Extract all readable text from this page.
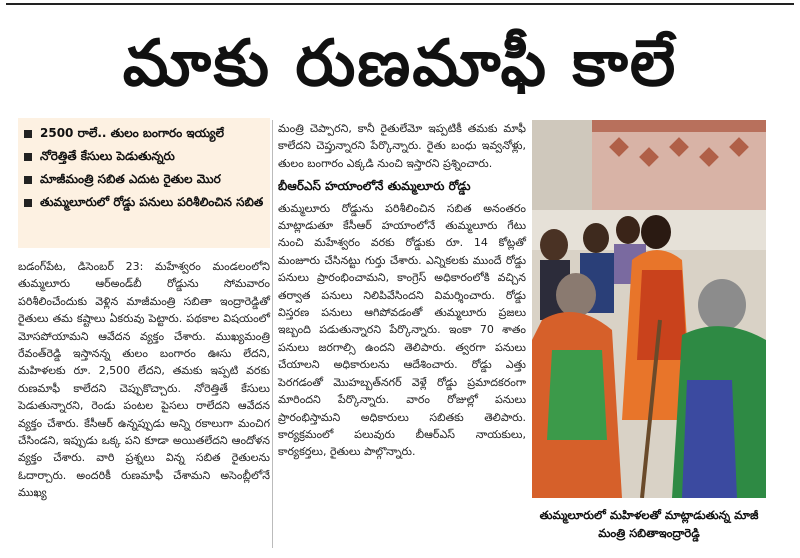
మాకు రుణమాఫీ కాలే
2500 రాలే.. తులం బంగారం ఇయ్యలే
నోరెత్తితే కేసులు పెడుతున్నరు
మాజీమంత్రి సబిత ఎదుట రైతుల మొర
తుమ్మలూరులో రోడ్డు పనులు పరిశీలించిన సబిత

బడంగ్‌పేట, డిసెంబర్ 23: మహేశ్వరం మండలంలోని తుమ్మలూరు ఆర్‌అండ్‌బీ రోడ్డును సోమవారం పరిశీలించేందుకు వెళ్లిన మాజీమంత్రి సబితా ఇంద్రారెడ్డితో రైతులు తమ కష్టాలు ఏకరువు పెట్టారు. పథకాల విషయంలో మోసపోయామని ఆవేదన వ్యక్తం చేశారు. ముఖ్యమంత్రి రేవంత్‌రెడ్డి ఇస్తానన్న తులం బంగారం ఊసు లేదని, మహిళలకు రూ. 2,500 లేదని, తమకు ఇప్పటి వరకు రుణమాఫీ కాలేదని చెప్పుకొచ్చారు. నోరెత్తితే కేసులు పెడుతున్నారని, రెండు పంటల పైసలు రాలేదని ఆవేదన వ్యక్తం చేశారు. కేసీఆర్ ఉన్నప్పుడు అన్ని రకాలుగా మంచిగ చేసిండని, ఇప్పుడు ఒక్క పని కూడా అయితలేదని ఆందోళన వ్యక్తం చేశారు. వారి ప్రశ్నలు విన్న సబిత రైతులను ఓదార్చారు. అందరికీ రుణమాఫీ చేశామని అసెంబ్లీలోనే ముఖ్య

మంత్రి చెప్పారని, కానీ రైతులేమో ఇప్పటికీ తమకు మాఫీ కాలేదని చెప్తున్నారని పేర్కొన్నారు. రైతు బంధు ఇవ్వనోళ్లు, తులం బంగారం ఎక్కడి నుంచి ఇస్తారని ప్రశ్నించారు.

బీఆర్‌ఎస్ హయాంలోనే తుమ్మలూరు రోడ్డు

తుమ్మలూరు రోడ్డును పరిశీలించిన సబిత అనంతరం మాట్లాడుతూ కేసీఆర్ హయాంలోనే తుమ్మలూరు గేటు నుంచి మహేశ్వరం వరకు రోడ్డుకు రూ. 14 కోట్లతో మంజూరు చేసినట్టు గుర్తు చేశారు. ఎన్నికలకు ముందే రోడ్డు పనులు ప్రారంభించామని, కాంగ్రెస్ అధికారంలోకి వచ్చిన తర్వాత పనులు నిలిపివేసిందని విమర్శించారు. రోడ్డు విస్తరణ పనులు ఆగిపోవడంతో తుమ్మలూరు ప్రజలు ఇబ్బంది పడుతున్నారని పేర్కొన్నారు. ఇంకా 70 శాతం పనులు జరగాల్సి ఉందని తెలిపారు. త్వరగా పనులు చేయాలని అధికారులను ఆదేశించారు. రోడ్డు ఎత్తు పెరగడంతో మొహబ్బత్‌నగర్ వెళ్లే రోడ్డు ప్రమాదకరంగా మారిందని పేర్కొన్నారు. వారం రోజుల్లో పనులు ప్రారంభిస్తామని అధికారులు సబితకు తెలిపారు. కార్యక్రమంలో పలువురు బీఆర్‌ఎస్ నాయకులు, కార్యకర్తలు, రైతులు పాల్గొన్నారు.

తుమ్మలూరులో మహిళలతో మాట్లాడుతున్న మాజీ మంత్రి సబితాఇంద్రారెడ్డి
